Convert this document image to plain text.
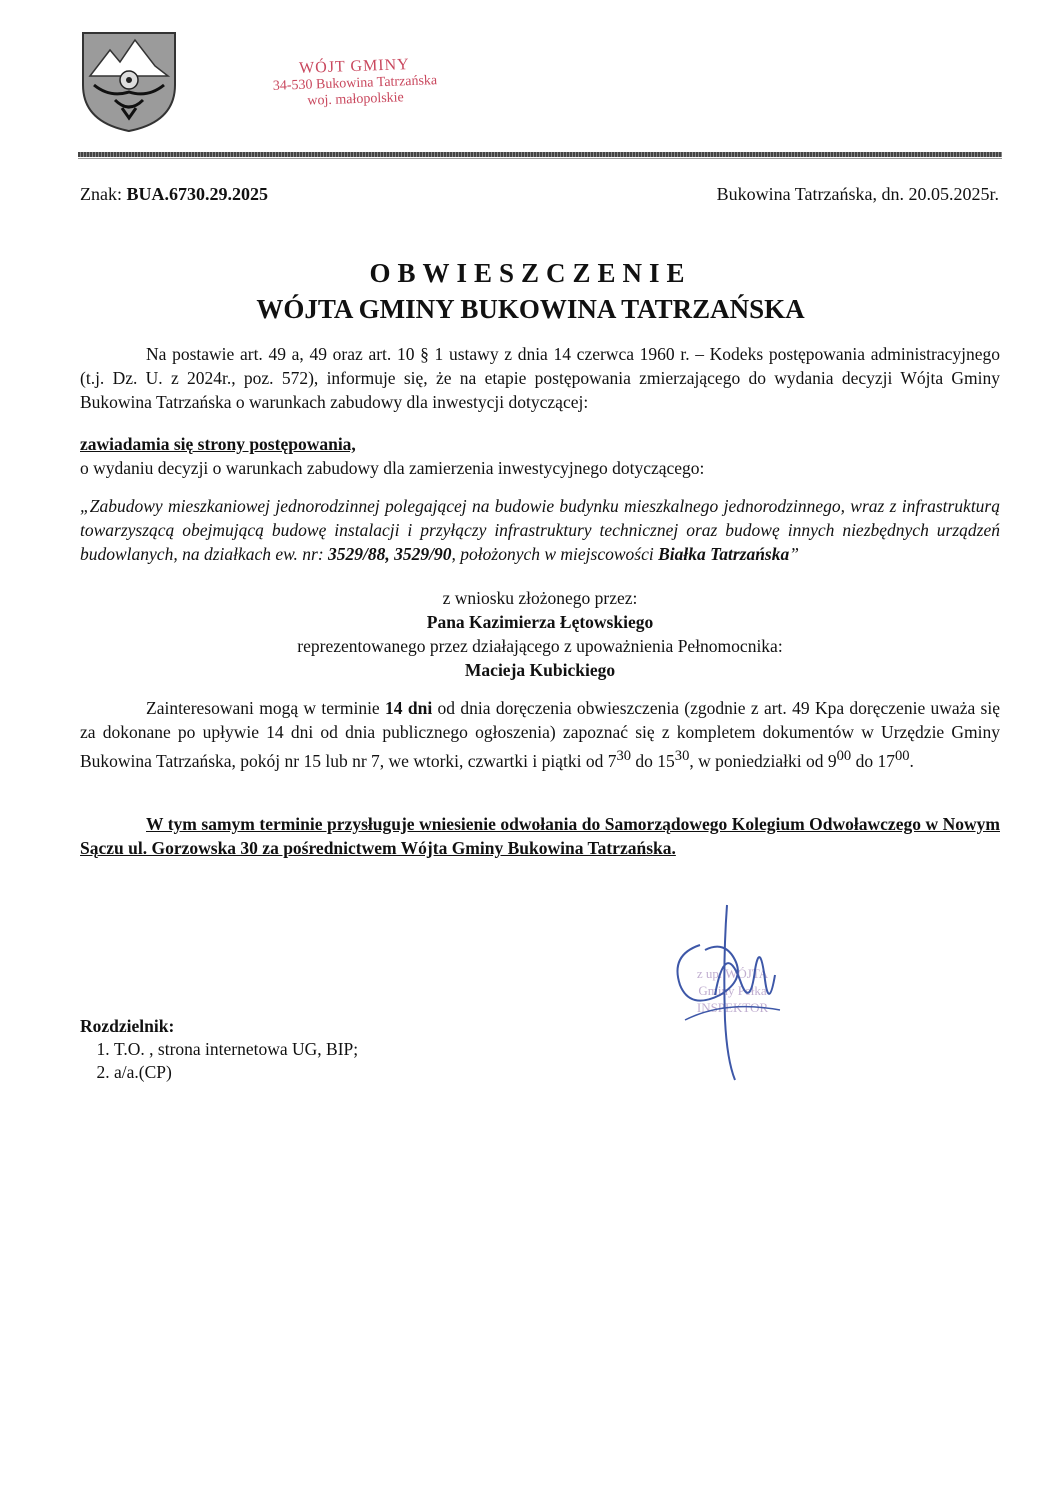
WÓJT GMINY
34-530 Bukowina Tatrzańska
woj. małopolskie
Znak: BUA.6730.29.2025	Bukowina Tatrzańska, dn. 20.05.2025r.
OBWIESZCZENIE
WÓJTA GMINY BUKOWINA TATRZAŃSKA
Na postawie art. 49 a, 49 oraz art. 10 § 1 ustawy z dnia 14 czerwca 1960 r. – Kodeks postępowania administracyjnego (t.j. Dz. U. z 2024r., poz. 572), informuje się, że na etapie postępowania zmierzającego do wydania decyzji Wójta Gminy Bukowina Tatrzańska o warunkach zabudowy dla inwestycji dotyczącej:
zawiadamia się strony postępowania,
o wydaniu decyzji o warunkach zabudowy dla zamierzenia inwestycyjnego dotyczącego:
„Zabudowy mieszkaniowej jednorodzinnej polegającej na budowie budynku mieszkalnego jednorodzinnego, wraz z infrastrukturą towarzyszącą obejmującą budowę instalacji i przyłączy infrastruktury technicznej oraz budowę innych niezbędnych urządzeń budowlanych, na działkach ew. nr: 3529/88, 3529/90, położonych w miejscowości Białka Tatrzańska”
z wniosku złożonego przez:
Pana Kazimierza Łętowskiego
reprezentowanego przez działającego z upoważnienia Pełnomocnika:
Macieja Kubickiego
Zainteresowani mogą w terminie 14 dni od dnia doręczenia obwieszczenia (zgodnie z art. 49 Kpa doręczenie uważa się za dokonane po upływie 14 dni od dnia publicznego ogłoszenia) zapoznać się z kompletem dokumentów w Urzędzie Gminy Bukowina Tatrzańska, pokój nr 15 lub nr 7, we wtorki, czwartki i piątki od $7^{30}$ do $15^{30}$, w poniedziałki od $9^{00}$ do $17^{00}$.
W tym samym terminie przysługuje wniesienie odwołania do Samorządowego Kolegium Odwoławczego w Nowym Sączu ul. Gorzowska 30 za pośrednictwem Wójta Gminy Bukowina Tatrzańska.
z up. WÓJTA
Gminy Pełka
INSPEKTOR
Rozdzielnik:
1. T.O. , strona internetowa UG, BIP;
2. a/a.(CP)
